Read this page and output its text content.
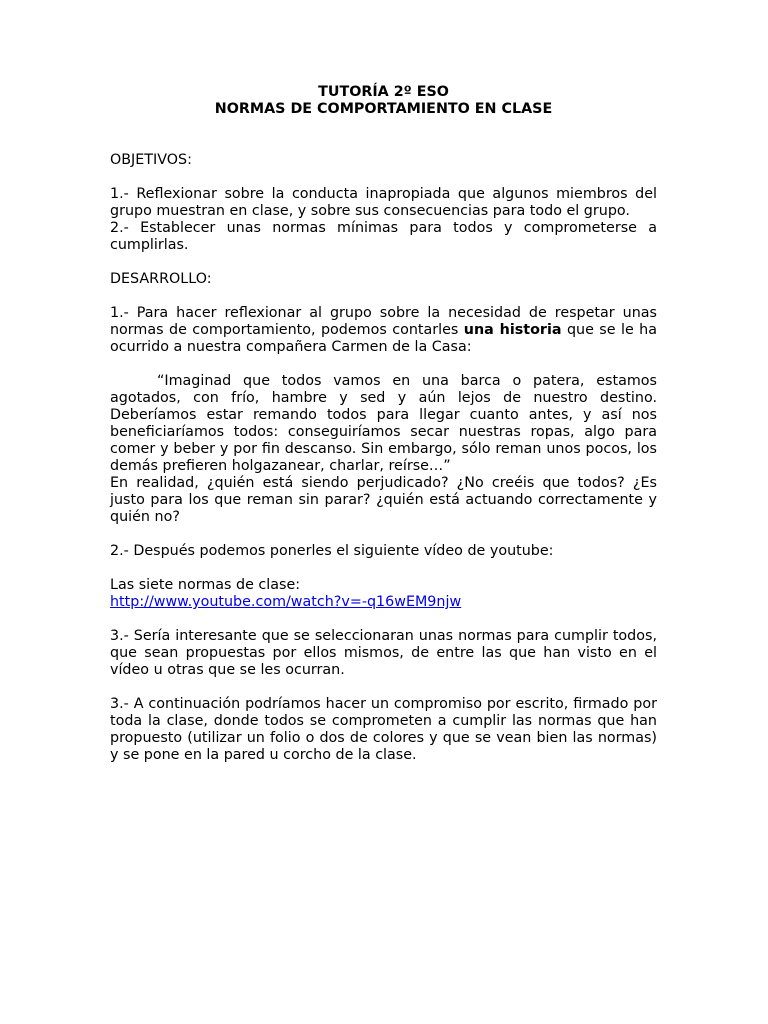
TUTORÍA 2º ESO

NORMAS DE COMPORTAMIENTO EN CLASE

OBJETIVOS:

1.- Reflexionar sobre la conducta inapropiada que algunos miembros del grupo muestran en clase, y sobre sus consecuencias para todo el grupo.

2.- Establecer unas normas mínimas para todos y comprometerse a cumplirlas.

DESARROLLO:

1.- Para hacer reflexionar al grupo sobre la necesidad de respetar unas normas de comportamiento, podemos contarles una historia que se le ha ocurrido a nuestra compañera Carmen de la Casa:

“Imaginad que todos vamos en una barca o patera, estamos agotados, con frío, hambre y sed y aún lejos de nuestro destino. Deberíamos estar remando todos para llegar cuanto antes, y así nos beneficiaríamos todos: conseguiríamos secar nuestras ropas, algo para comer y beber y por fin descanso. Sin embargo, sólo reman unos pocos, los demás prefieren holgazanear, charlar, reírse…”

En realidad, ¿quién está siendo perjudicado? ¿No creéis que todos? ¿Es justo para los que reman sin parar? ¿quién está actuando correctamente y quién no?

2.- Después podemos ponerles el siguiente vídeo de youtube:

Las siete normas de clase:

http://www.youtube.com/watch?v=-q16wEM9njw

3.- Sería interesante que se seleccionaran unas normas para cumplir todos, que sean propuestas por ellos mismos, de entre las que han visto en el vídeo u otras que se les ocurran.

3.- A continuación podríamos hacer un compromiso por escrito, firmado por toda la clase, donde todos se comprometen a cumplir las normas que han propuesto (utilizar un folio o dos de colores y que se vean bien las normas) y se pone en la pared u corcho de la clase.
